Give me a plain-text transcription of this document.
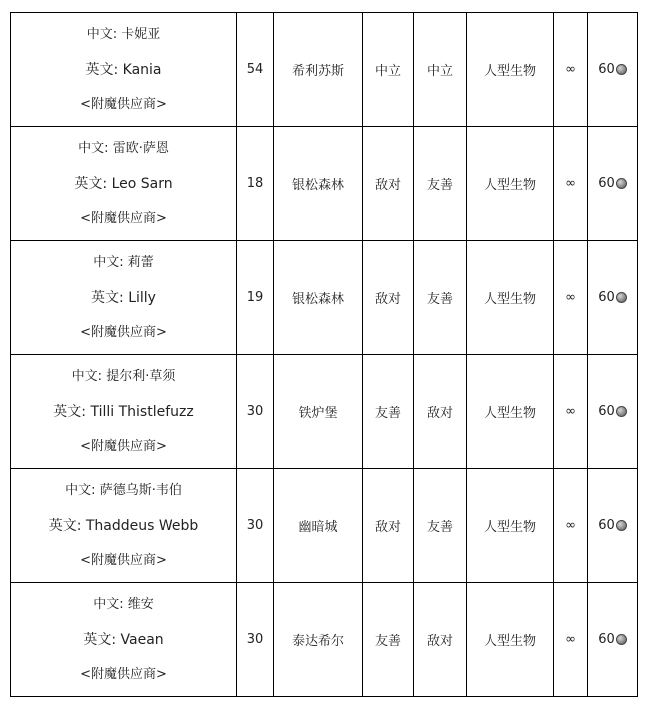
中文: 卡妮亚
英文: Kania
<附魔供应商>	54	希利苏斯	中立	中立	人型生物	∞	60

中文: 雷欧·萨恩
英文: Leo Sarn
<附魔供应商>	18	银松森林	敌对	友善	人型生物	∞	60

中文: 莉蕾
英文: Lilly
<附魔供应商>	19	银松森林	敌对	友善	人型生物	∞	60

中文: 提尔利·草须
英文: Tilli Thistlefuzz
<附魔供应商>	30	铁炉堡	友善	敌对	人型生物	∞	60

中文: 萨德乌斯·韦伯
英文: Thaddeus Webb
<附魔供应商>	30	幽暗城	敌对	友善	人型生物	∞	60

中文: 维安
英文: Vaean
<附魔供应商>	30	泰达希尔	友善	敌对	人型生物	∞	60
